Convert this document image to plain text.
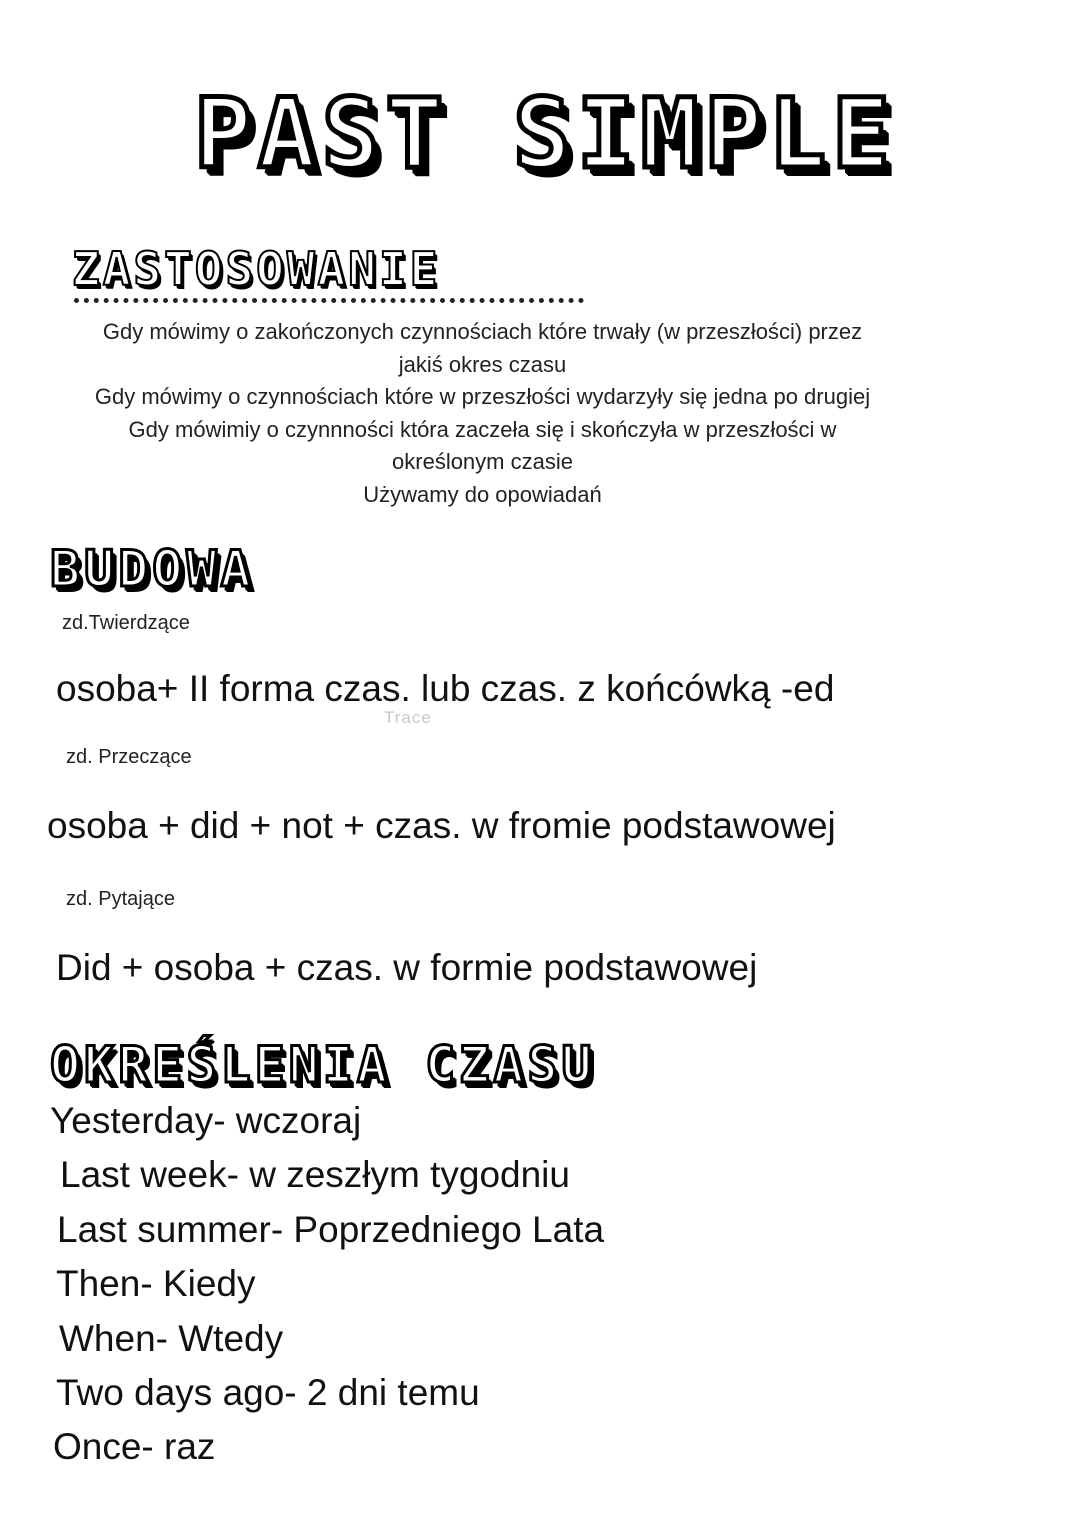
PAST SIMPLE
ZASTOSOWANIE

Gdy mówimy o zakończonych czynnościach które trwały (w przeszłości) przez

jakiś okres czasu

Gdy mówimy o czynnościach które w przeszłości wydarzyły się jedna po drugiej

Gdy mówimiy o czynnności która zaczeła się i skończyła w przeszłości w

określonym czasie

Używamy do opowiadań

BUDOWA
zd.Twierdzące
osoba+ II forma czas. lub czas. z końcówką -ed
Trace
zd. Przeczące
osoba + did + not + czas. w fromie podstawowej
zd. Pytające
Did + osoba + czas. w formie podstawowej
OKREŚLENIA CZASU
Yesterday- wczoraj
Last week- w zeszłym tygodniu
Last summer- Poprzedniego Lata
Then- Kiedy
When- Wtedy
Two days ago- 2 dni temu
Once- raz
